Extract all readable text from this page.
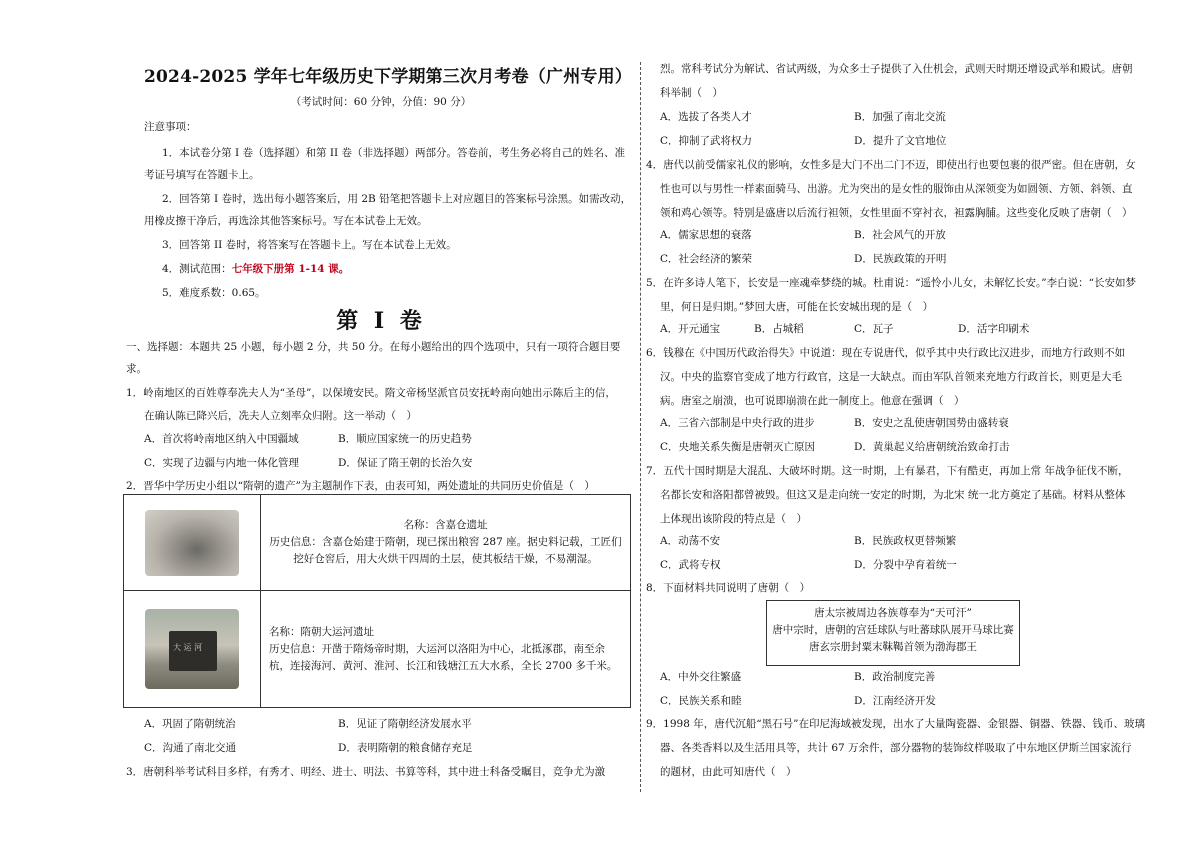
2024-2025 学年七年级历史下学期第三次月考卷（广州专用）
（考试时间：60 分钟，分值：90 分）
注意事项：
1．本试卷分第 I 卷（选择题）和第 II 卷（非选择题）两部分。答卷前，考生务必将自己的姓名、准
考证号填写在答题卡上。
2．回答第 I 卷时，选出每小题答案后，用 2B 铅笔把答题卡上对应题目的答案标号涂黑。如需改动，
用橡皮擦干净后，再选涂其他答案标号。写在本试卷上无效。
3．回答第 II 卷时，将答案写在答题卡上。写在本试卷上无效。
4．测试范围：七年级下册第 1-14 课。
5．难度系数：0.65。
第 I 卷
一、选择题：本题共 25 小题，每小题 2 分，共 50 分。在每小题给出的四个选项中，只有一项符合题目要
求。
1．岭南地区的百姓尊奉冼夫人为“圣母”，以保境安民。隋文帝杨坚派官员安抚岭南向她出示陈后主的信，
在确认陈已降兴后，冼夫人立刻率众归附。这一举动（　）
A．首次将岭南地区纳入中国疆域	B．顺应国家统一的历史趋势
C．实现了边疆与内地一体化管理	D．保证了隋王朝的长治久安
2．晋华中学历史小组以“隋朝的遗产”为主题制作下表，由表可知，两处遗址的共同历史价值是（　）

	名称：含嘉仓遗址
历史信息：含嘉仓始建于隋朝，现已探出粮窖 287 座。据史料记载，工匠们
挖好仓窖后，用大火烘干四周的土层，使其板结干燥，不易潮湿。

大 运 河	名称：隋朝大运河遗址
历史信息：开凿于隋炀帝时期，大运河以洛阳为中心，北抵涿郡，南至余
杭，连接海河、黄河、淮河、长江和钱塘江五大水系，全长 2700 多千米。
A．巩固了隋朝统治	B．见证了隋朝经济发展水平
C．沟通了南北交通	D．表明隋朝的粮食储存充足
3．唐朝科举考试科目多样，有秀才、明经、进士、明法、书算等科，其中进士科备受瞩目，竞争尤为激
烈。常科考试分为解试、省试两级，为众多士子提供了入仕机会，武则天时期还增设武举和殿试。唐朝
科举制（　）
A．选拔了各类人才	B．加强了南北交流
C．抑制了武将权力	D．提升了文官地位
4．唐代以前受儒家礼仪的影响，女性多是大门不出二门不迈，即使出行也要包裹的很严密。但在唐朝，女
性也可以与男性一样素面骑马、出游。尤为突出的是女性的服饰由从深领变为如圆领、方领、斜领、直
领和鸡心领等。特别是盛唐以后流行袒领，女性里面不穿衬衣，袒露胸脯。这些变化反映了唐朝（　）
A．儒家思想的衰落	B．社会风气的开放
C．社会经济的繁荣	D．民族政策的开明
5．在许多诗人笔下，长安是一座魂牵梦绕的城。杜甫说：“遥怜小儿女，未解忆长安。”李白说：“长安如梦
里，何日是归期。”梦回大唐，可能在长安城出现的是（　）
A．开元通宝	B．占城稻	C．瓦子	D．活字印刷术
6．钱穆在《中国历代政治得失》中说道：现在专说唐代，似乎其中央行政比汉进步，而地方行政则不如
汉。中央的监察官变成了地方行政官，这是一大缺点。而由军队首领来充地方行政首长，则更是大毛
病。唐室之崩溃，也可说即崩溃在此一制度上。他意在强调（　）
A．三省六部制是中央行政的进步	B．安史之乱使唐朝国势由盛转衰
C．央地关系失衡是唐朝灭亡原因	D．黄巢起义给唐朝统治致命打击
7．五代十国时期是大混乱、大破坏时期。这一时期，上有暴君，下有酷吏，再加上常 年战争征伐不断，
名都长安和洛阳都曾被毁。但这又是走向统一安定的时期，为北宋 统一北方奠定了基础。材料从整体
上体现出该阶段的特点是（　）
A．动荡不安	B．民族政权更替频繁
C．武将专权	D．分裂中孕育着统一
8．下面材料共同说明了唐朝（　）
唐太宗被周边各族尊奉为“天可汗”
唐中宗时，唐朝的宫廷球队与吐蕃球队展开马球比赛
唐玄宗册封粟末靺鞨首领为渤海郡王
A．中外交往繁盛	B．政治制度完善
C．民族关系和睦	D．江南经济开发
9．1998 年，唐代沉船“黑石号”在印尼海域被发现，出水了大量陶瓷器、金银器、铜器、铁器、钱币、玻璃
器、各类香料以及生活用具等，共计 67 万余件，部分器物的装饰纹样吸取了中东地区伊斯兰国家流行
的题材，由此可知唐代（　）
